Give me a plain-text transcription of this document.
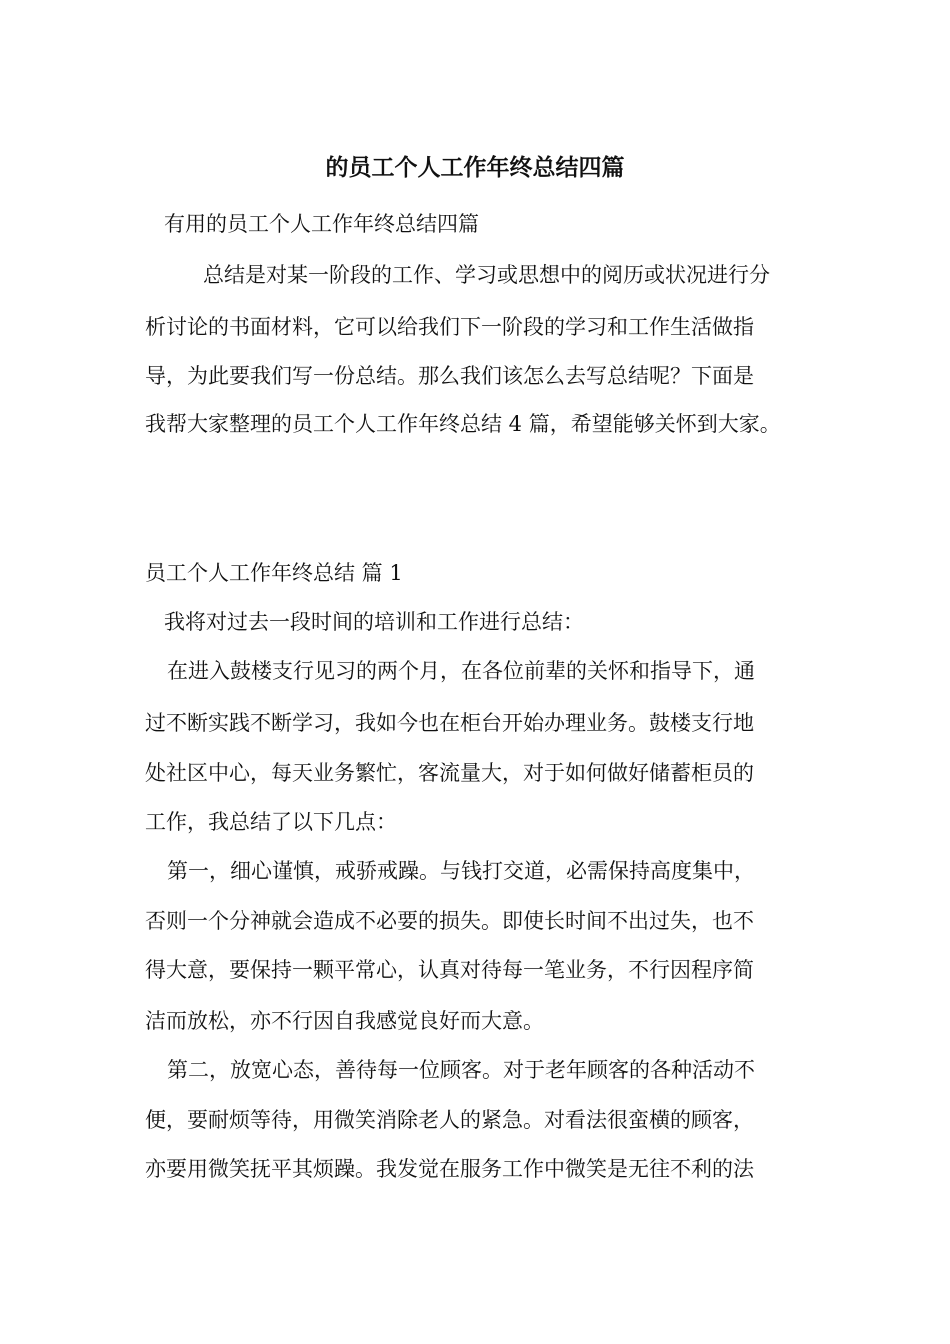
的员工个人工作年终总结四篇
有用的员工个人工作年终总结四篇
总结是对某一阶段的工作、学习或思想中的阅历或状况进行分
析讨论的书面材料，它可以给我们下一阶段的学习和工作生活做指
导，为此要我们写一份总结。那么我们该怎么去写总结呢？下面是
我帮大家整理的员工个人工作年终总结 4 篇，希望能够关怀到大家。
员工个人工作年终总结 篇 1
我将对过去一段时间的培训和工作进行总结：
在进入鼓楼支行见习的两个月，在各位前辈的关怀和指导下，通
过不断实践不断学习，我如今也在柜台开始办理业务。鼓楼支行地
处社区中心，每天业务繁忙，客流量大，对于如何做好储蓄柜员的
工作，我总结了以下几点：
第一，细心谨慎，戒骄戒躁。与钱打交道，必需保持高度集中，
否则一个分神就会造成不必要的损失。即使长时间不出过失，也不
得大意，要保持一颗平常心，认真对待每一笔业务，不行因程序简
洁而放松，亦不行因自我感觉良好而大意。
第二，放宽心态，善待每一位顾客。对于老年顾客的各种活动不
便，要耐烦等待，用微笑消除老人的紧急。对看法很蛮横的顾客，
亦要用微笑抚平其烦躁。我发觉在服务工作中微笑是无往不利的法
